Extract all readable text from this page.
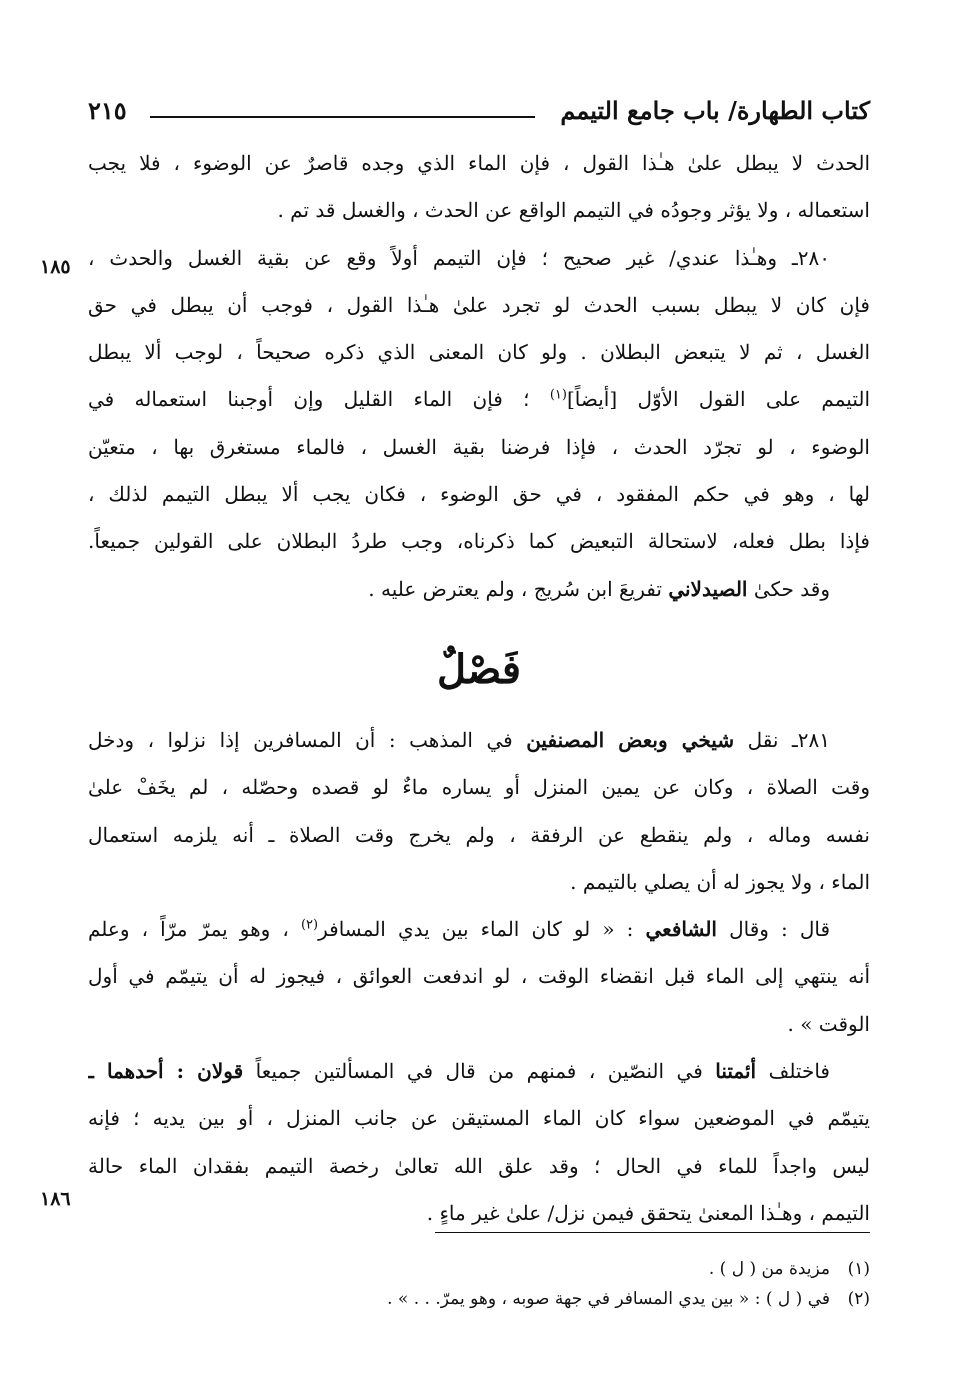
كتاب الطهارة/ باب جامع التيمم
٢١٥
١٨٥
١٨٦

الحدث لا يبطل علىٰ هـٰذا القول ، فإن الماء الذي وجده قاصرٌ عن الوضوء ، فلا يجب
استعماله ، ولا يؤثر وجودُه في التيمم الواقع عن الحدث ، والغسل قد تم .

٢٨٠ـ وهـٰذا عندي/ غير صحيح ؛ فإن التيمم أولاً وقع عن بقية الغسل والحدث ،
فإن كان لا يبطل بسبب الحدث لو تجرد علىٰ هـٰذا القول ، فوجب أن يبطل في حق
الغسل ، ثم لا يتبعض البطلان . ولو كان المعنى الذي ذكره صحيحاً ، لوجب ألا يبطل
التيمم على القول الأوّل [أيضاً]$^{(١)}$ ؛ فإن الماء القليل وإن أوجبنا استعماله في
الوضوء ، لو تجرّد الحدث ، فإذا فرضنا بقية الغسل ، فالماء مستغرق بها ، متعيّن
لها ، وهو في حكم المفقود ، في حق الوضوء ، فكان يجب ألا يبطل التيمم لذلك ،
فإذا بطل فعله، لاستحالة التبعيض كما ذكرناه، وجب طردُ البطلان على القولين جميعاً.
وقد حكىٰ الصيدلاني تفريعَ ابن سُريج ، ولم يعترض عليه .

فَصْلٌ

٢٨١ـ نقل شيخي وبعض المصنفين في المذهب : أن المسافرين إذا نزلوا ، ودخل
وقت الصلاة ، وكان عن يمين المنزل أو يساره ماءٌ لو قصده وحصّله ، لم يخَفْ علىٰ
نفسه وماله ، ولم ينقطع عن الرفقة ، ولم يخرج وقت الصلاة ـ أنه يلزمه استعمال
الماء ، ولا يجوز له أن يصلي بالتيمم .

قال : وقال الشافعي : « لو كان الماء بين يدي المسافر$^{(٢)}$ ، وهو يمرّ مرّاً ، وعلم
أنه ينتهي إلى الماء قبل انقضاء الوقت ، لو اندفعت العوائق ، فيجوز له أن يتيمّم في أول
الوقت » .

فاختلف أئمتنا في النصّين ، فمنهم من قال في المسألتين جميعاً قولان : أحدهما ـ
يتيمّم في الموضعين سواء كان الماء المستيقن عن جانب المنزل ، أو بين يديه ؛ فإنه
ليس واجداً للماء في الحال ؛ وقد علق الله تعالىٰ رخصة التيمم بفقدان الماء حالة
التيمم ، وهـٰذا المعنىٰ يتحقق فيمن نزل/ علىٰ غير ماءٍ .

(١)مزيدة من ( ل ) .
(٢)في ( ل ) : « بين يدي المسافر في جهة صوبه ، وهو يمرّ. . . » .
